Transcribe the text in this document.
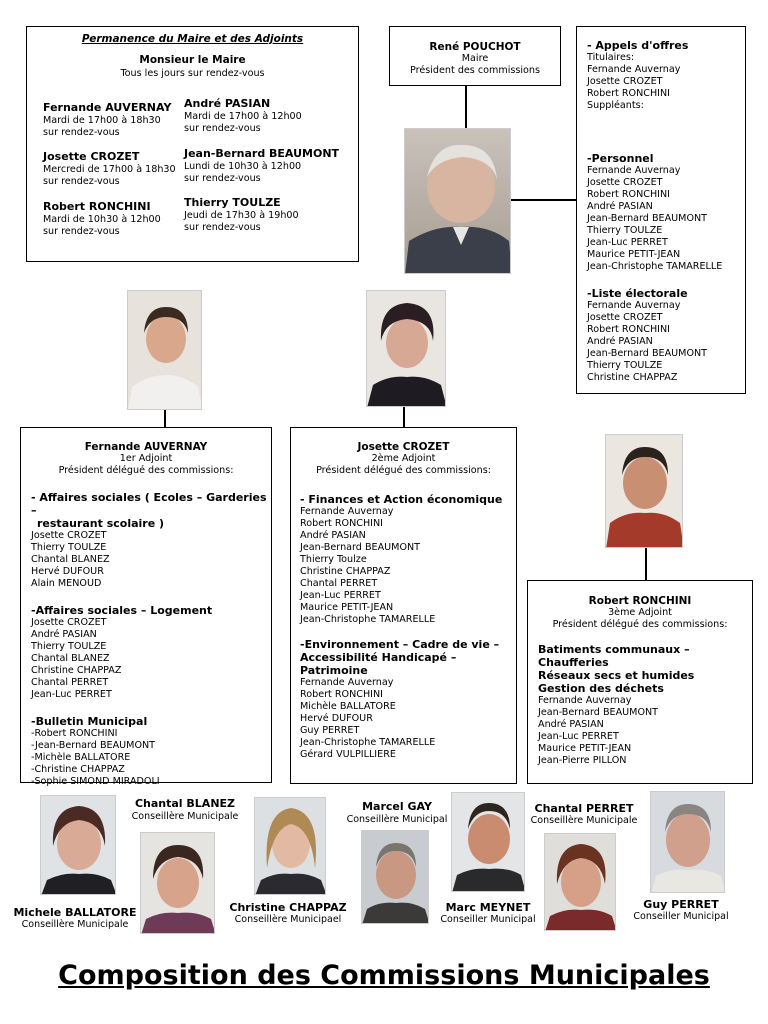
Permanence du Maire et des Adjoints
Monsieur le Maire
Tous les jours sur rendez-vous
Fernande AUVERNAY
Mardi de 17h00 à 18h30
sur rendez-vous
Josette CROZET
Mercredi de 17h00 à 18h30
sur rendez-vous
Robert RONCHINI
Mardi de 10h30 à 12h00
sur rendez-vous
André PASIAN
Mardi de 17h00 à 12h00
sur rendez-vous
Jean-Bernard BEAUMONT
Lundi de 10h30 à 12h00
sur rendez-vous
Thierry TOULZE
Jeudi de 17h30 à 19h00
sur rendez-vous
René POUCHOT
Maire
Président des commissions
- Appels d'offres
Titulaires:
Fernande Auvernay
Josette CROZET
Robert RONCHINI
Suppléants:
-Personnel
Fernande Auvernay
Josette CROZET
Robert RONCHINI
André PASIAN
Jean-Bernard BEAUMONT
Thierry TOULZE
Jean-Luc PERRET
Maurice PETIT-JEAN
Jean-Christophe TAMARELLE
-Liste électorale
Fernande Auvernay
Josette CROZET
Robert RONCHINI
André PASIAN
Jean-Bernard BEAUMONT
Thierry TOULZE
Christine CHAPPAZ
Fernande AUVERNAY
1er Adjoint
Président délégué des commissions:
- Affaires sociales ( Ecoles – Garderies –
restaurant scolaire )
Josette CROZET
Thierry TOULZE
Chantal BLANEZ
Hervé DUFOUR
Alain MENOUD
-Affaires sociales – Logement
Josette CROZET
André PASIAN
Thierry TOULZE
Chantal BLANEZ
Christine CHAPPAZ
Chantal PERRET
Jean-Luc PERRET
-Bulletin Municipal
-Robert RONCHINI
-Jean-Bernard BEAUMONT
-Michèle BALLATORE
-Christine CHAPPAZ
-Sophie SIMOND MIRADOLI
Josette CROZET
2ème Adjoint
Président délégué des commissions:
- Finances et Action économique
Fernande Auvernay
Robert RONCHINI
André PASIAN
Jean-Bernard BEAUMONT
Thierry Toulze
Christine CHAPPAZ
Chantal PERRET
Jean-Luc PERRET
Maurice PETIT-JEAN
Jean-Christophe TAMARELLE
-Environnement – Cadre de vie –
Accessibilité Handicapé – Patrimoine
Fernande Auvernay
Robert RONCHINI
Michèle BALLATORE
Hervé DUFOUR
Guy PERRET
Jean-Christophe TAMARELLE
Gérard VULPILLIERE
Robert RONCHINI
3ème Adjoint
Président délégué des commissions:
Batiments communaux – Chaufferies
Réseaux secs et humides
Gestion des déchets
Fernande Auvernay
Jean-Bernard BEAUMONT
André PASIAN
Jean-Luc PERRET
Maurice PETIT-JEAN
Jean-Pierre PILLON
Michele BALLATORE
Conseillère Municipale
Chantal BLANEZ
Conseillère Municipale
Christine CHAPPAZ
Conseillère Municipael
Marcel GAY
Conseillère Municipal
Marc MEYNET
Conseiller Municipal
Chantal PERRET
Conseillère Municipale
Guy PERRET
Conseiller Municipal
Composition des Commissions Municipales
